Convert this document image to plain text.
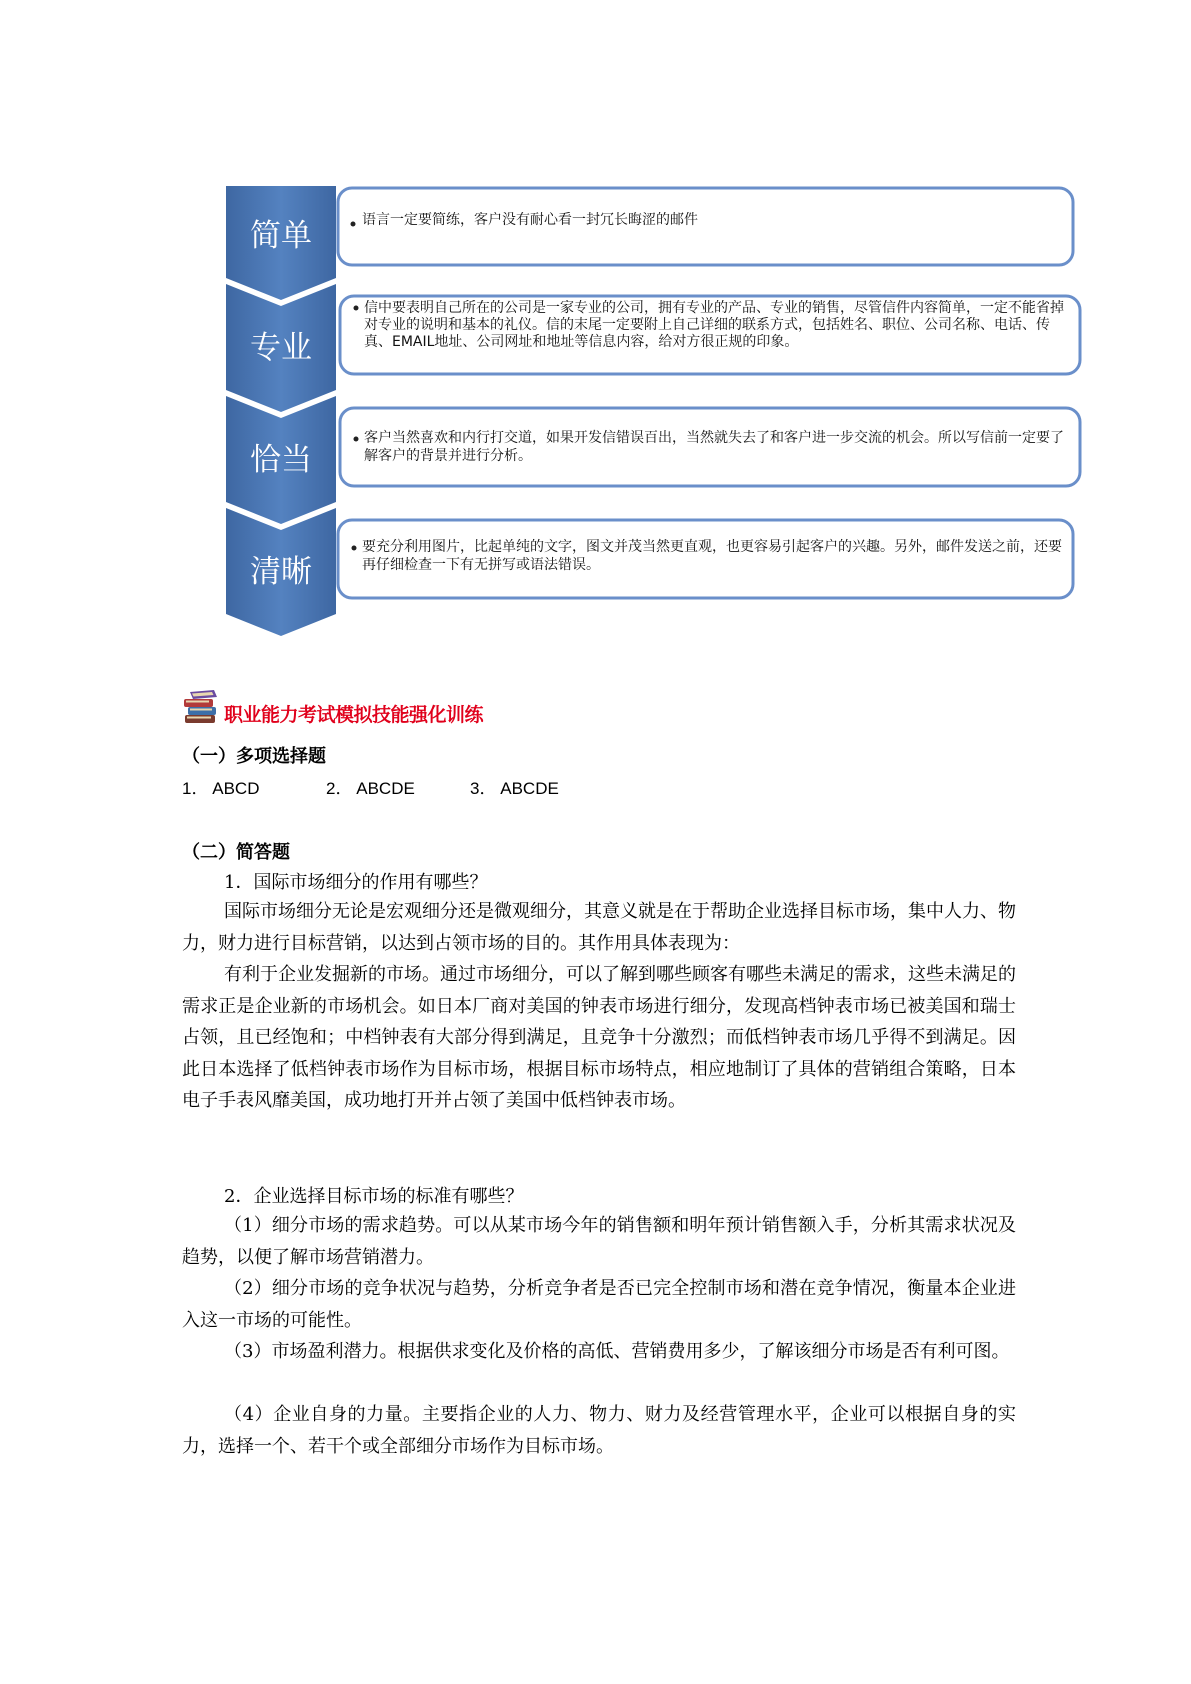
简单	语言一定要简练，客户没有耐心看一封冗长晦涩的邮件
专业
信中要表明自己所在的公司是一家专业的公司，拥有专业的产品、专业的销售，尽管信件内容简单，一定不能省掉对专业的说明和基本的礼仪。信的末尾一定要附上自己详细的联系方式，包括姓名、职位、公司名称、电话、传真、EMAIL地址、公司网址和地址等信息内容，给对方很正规的印象。
恰当
客户当然喜欢和内行打交道，如果开发信错误百出，当然就失去了和客户进一步交流的机会。所以写信前一定要了解客户的背景并进行分析。
清晰
要充分利用图片，比起单纯的文字，图文并茂当然更直观，也更容易引起客户的兴趣。另外，邮件发送之前，还要再仔细检查一下有无拼写或语法错误。
职业能力考试模拟技能强化训练
（一）多项选择题
1． ABCD	2． ABCDE	3． ABCDE
（二）简答题
1．国际市场细分的作用有哪些？

国际市场细分无论是宏观细分还是微观细分，其意义就是在于帮助企业选择目标市场，集中人力、物力，财力进行目标营销，以达到占领市场的目的。其作用具体表现为：

有利于企业发掘新的市场。通过市场细分，可以了解到哪些顾客有哪些未满足的需求，这些未满足的需求正是企业新的市场机会。如日本厂商对美国的钟表市场进行细分，发现高档钟表市场已被美国和瑞士占领，且已经饱和；中档钟表有大部分得到满足，且竞争十分激烈；而低档钟表市场几乎得不到满足。因此日本选择了低档钟表市场作为目标市场，根据目标市场特点，相应地制订了具体的营销组合策略，日本电子手表风靡美国，成功地打开并占领了美国中低档钟表市场。

2．企业选择目标市场的标准有哪些？

（1）细分市场的需求趋势。可以从某市场今年的销售额和明年预计销售额入手，分析其需求状况及趋势，以便了解市场营销潜力。

（2）细分市场的竞争状况与趋势，分析竞争者是否已完全控制市场和潜在竞争情况，衡量本企业进入这一市场的可能性。

（3）市场盈利潜力。根据供求变化及价格的高低、营销费用多少，了解该细分市场是否有利可图。

（4）企业自身的力量。主要指企业的人力、物力、财力及经营管理水平，企业可以根据自身的实力，选择一个、若干个或全部细分市场作为目标市场。
